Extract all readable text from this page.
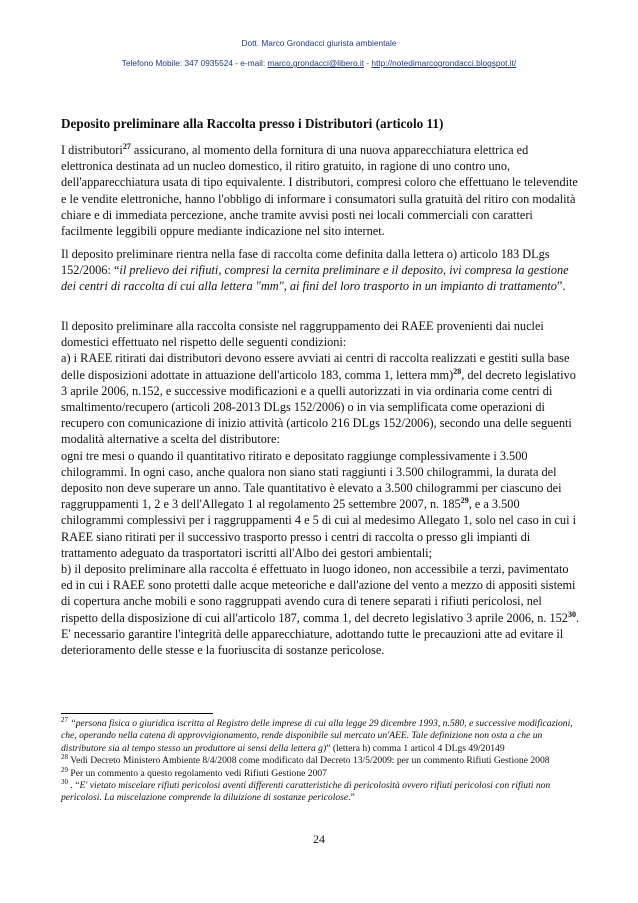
Dott. Marco Grondacci giurista ambientale
Telefono Mobile: 347 0935524 - e-mail: marco.grondacci@libero.it - http://notedimarcogrondacci.blogspot.it/
Deposito preliminare alla Raccolta presso i Distributori (articolo 11)

I distributori$^{27}$ assicurano, al momento della fornitura di una nuova apparecchiatura elettrica ed elettronica destinata ad un nucleo domestico, il ritiro gratuito, in ragione di uno contro uno, dell'apparecchiatura usata di tipo equivalente. I distributori, compresi coloro che effettuano le televendite e le vendite elettroniche, hanno l'obbligo di informare i consumatori sulla gratuità del ritiro con modalità chiare e di immediata percezione, anche tramite avvisi posti nei locali commerciali con caratteri facilmente leggibili oppure mediante indicazione nel sito internet.

Il deposito preliminare rientra nella fase di raccolta come definita dalla lettera o) articolo 183 DLgs 152/2006: “il prelievo dei rifiuti, compresi la cernita preliminare e il deposito, ivi compresa la gestione dei centri di raccolta di cui alla lettera "mm", ai fini del loro trasporto in un impianto di trattamento”.

Il deposito preliminare alla raccolta consiste nel raggruppamento dei RAEE provenienti dai nuclei domestici effettuato nel rispetto delle seguenti condizioni:
a) i RAEE ritirati dai distributori devono essere avviati ai centri di raccolta realizzati e gestiti sulla base delle disposizioni adottate in attuazione dell'articolo 183, comma 1, lettera mm)$^{28}$, del decreto legislativo 3 aprile 2006, n.152, e successive modificazioni e a quelli autorizzati in via ordinaria come centri di smaltimento/recupero (articoli 208-2013 DLgs 152/2006) o in via semplificata come operazioni di recupero con comunicazione di inizio attività (articolo 216 DLgs 152/2006), secondo una delle seguenti modalità alternative a scelta del distributore:
ogni tre mesi o quando il quantitativo ritirato e depositato raggiunge complessivamente i 3.500 chilogrammi. In ogni caso, anche qualora non siano stati raggiunti i 3.500 chilogrammi, la durata del deposito non deve superare un anno. Tale quantitativo è elevato a 3.500 chilogrammi per ciascuno dei raggruppamenti 1, 2 e 3 dell'Allegato 1 al regolamento 25 settembre 2007, n. $185^{29}$, e a 3.500 chilogrammi complessivi per i raggruppamenti 4 e 5 di cui al medesimo Allegato 1, solo nel caso in cui i RAEE siano ritirati per il successivo trasporto presso i centri di raccolta o presso gli impianti di trattamento adeguato da trasportatori iscritti all'Albo dei gestori ambientali;
b) il deposito preliminare alla raccolta é effettuato in luogo idoneo, non accessibile a terzi, pavimentato ed in cui i RAEE sono protetti dalle acque meteoriche e dall'azione del vento a mezzo di appositi sistemi di copertura anche mobili e sono raggruppati avendo cura di tenere separati i rifiuti pericolosi, nel rispetto della disposizione di cui all'articolo 187, comma 1, del decreto legislativo 3 aprile 2006, n. $152^{30}$. E' necessario garantire l'integrità delle apparecchiature, adottando tutte le precauzioni atte ad evitare il deterioramento delle stesse e la fuoriuscita di sostanze pericolose.

$^{27}$ “persona fisica o giuridica iscritta al Registro delle imprese di cui alla legge 29 dicembre 1993, n.580, e successive modificazioni, che, operando nella catena di approvvigionamento, rende disponibile sul mercato un'AEE. Tale definizione non osta a che un distributore sia al tempo stesso un produttore ai sensi della lettera g)” (lettera h) comma 1 articol 4 DLgs 49/20149

$^{28}$ Vedi Decreto Ministero Ambiente 8/4/2008 come modificato dal Decreto 13/5/2009: per un commento Rifiuti Gestione 2008

$^{29}$ Per un commento a questo regolamento vedi Rifiuti Gestione 2007

$^{30}$ . “E' vietato miscelare rifiuti pericolosi aventi differenti caratteristiche di pericolosità ovvero rifiuti pericolosi con rifiuti non pericolosi. La miscelazione comprende la diluizione di sostanze pericolose.”

24
